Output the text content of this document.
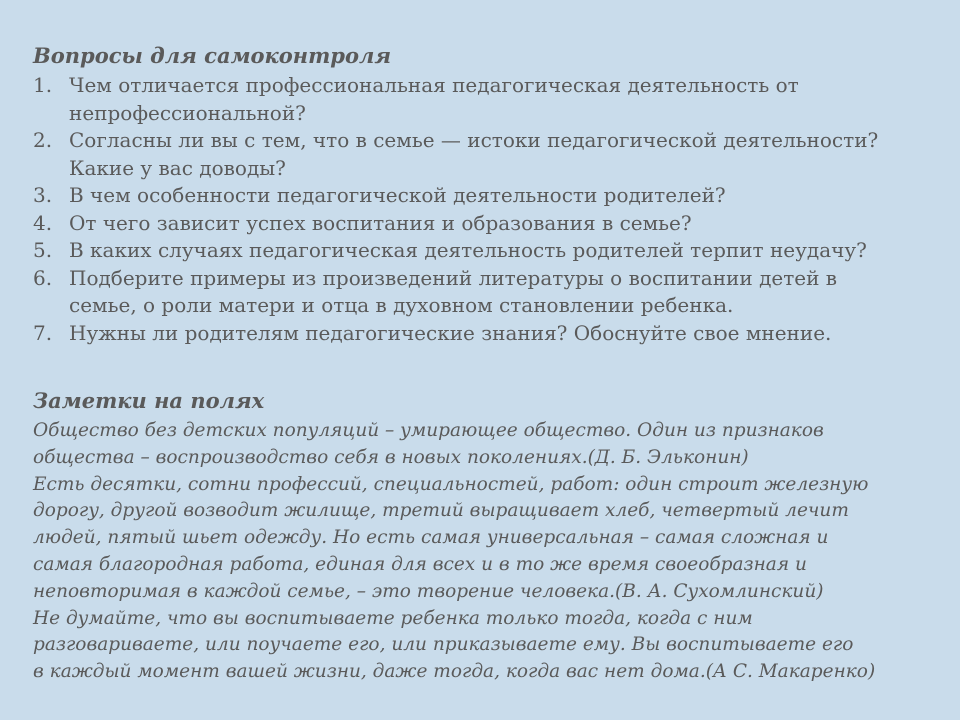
Вопросы для самоконтроля
1. Чем отличается профессиональная педагогическая деятельность от
непрофессиональной?
2. Согласны ли вы с тем, что в семье — истоки педагогической деятельности?
Какие у вас доводы?
3. В чем особенности педагогической деятельности родителей?
4. От чего зависит успех воспитания и образования в семье?
5. В каких случаях педагогическая деятельность родителей терпит неудачу?
6. Подберите примеры из произведений литературы о воспитании детей в
семье, о роли матери и отца в духовном становлении ребенка.
7. Нужны ли родителям педагогические знания? Обоснуйте свое мнение.
Заметки на полях
Общество без детских популяций – умирающее общество. Один из признаков
общества – воспроизводство себя в новых поколениях.(Д. Б. Эльконин)
Есть десятки, сотни профессий, специальностей, работ: один строит железную
дорогу, другой возводит жилище, третий выращивает хлеб, четвертый лечит
людей, пятый шьет одежду. Но есть самая универсальная – самая сложная и
самая благородная работа, единая для всех и в то же время своеобразная и
неповторимая в каждой семье, – это творение человека.(В. А. Сухомлинский)
Не думайте, что вы воспитываете ребенка только тогда, когда с ним
разговариваете, или поучаете его, или приказываете ему. Вы воспитываете его
в каждый момент вашей жизни, даже тогда, когда вас нет дома.(А С. Макаренко)
